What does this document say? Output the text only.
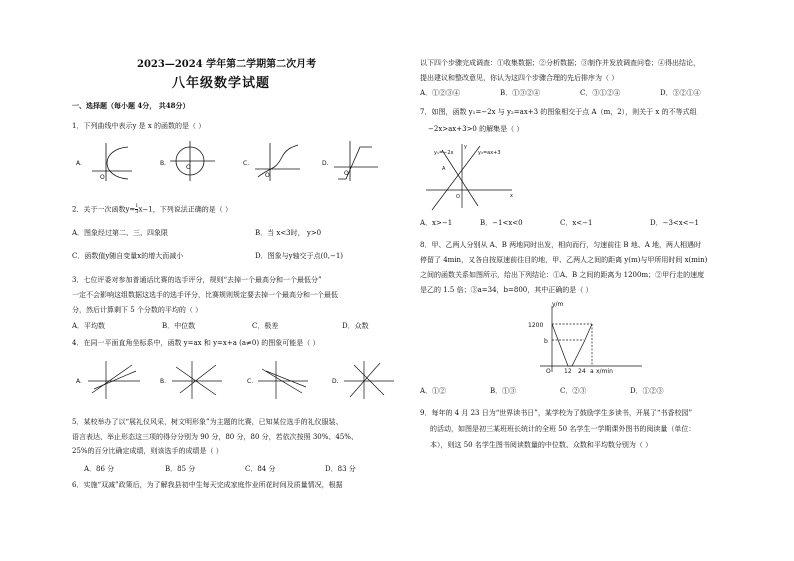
2023—2024 学年第二学期第二次月考
八年级数学试题
一、选择题（每小题 4分， 共48分）
1．下列曲线中表示y 是 x 的函数的是（ ）
A.	B.	C.	D.
O
O
O	O
2．关于一次函数$y= \frac{1}{3} x-1$，下列说法正确的是（ ）
A．图象经过第二、三、四象限	B．当 x<3时， y>0
C．函数值y随自变量x的增大而减小	D．图象与y轴交于点(0,−1)
3．七位评委对参加普通话比赛的选手评分，规则“去掉一个最高分和一个最低分”
一定不会影响这组数据这选手的选手评分，比赛规则规定要去掉一个最高分和一个最低
分，然后计算剩下 5 个分数的平均的（ ）
A．平均数	B．中位数	C．极差	D．众数
4．在同一平面直角坐标系中，函数 y=ax 和 y=x+a (a≠0) 的图象可能是（ ）
A.	B.	C.	D.
5．某校举办了以“展礼仪风采，树文明形象”为主题的比赛，已知某位选手的礼仪服装、
语言表达、举止形态这三项的得分分别为 90 分，80 分，80 分，若依次按照 30%、45%、
25%的百分比确定成绩，则该选手的成绩是（ ）
A．86 分	B．85 分	C．84 分	D．83 分
6．实施“双减”政策后，为了解我县初中生每天完成家庭作业所花时间及质量情况，根据
以下四个步骤完成调查：①收集数据；②分析数据；③制作并发放调查问卷；④得出结论，
提出建议和整改意见，你认为这四个步骤合理的先后排序为（ ）
A．①②③④	B．①③②④	C．③①②④	D．③②①④
7．如图，函数 y₁=−2x 与 y₂=ax+3 的图象相交于点 A（m，2），则关于 x 的不等式组
−2x>ax+3>0 的解集是（ ）
y₁=−2x	y₂=ax+3
A
O	x
y
A．x>−1	B．−1<x<0	C．x<−1	D．−3<x<−1
8．甲、乙两人分别从 A、B 两地同时出发，相向而行，匀速前往 B 地、A 地，两人相遇时
停留了 4min，又各自按原速前往目的地，甲、乙两人之间的距离 y(m)与甲所用时间 x(min)
之间的函数关系如图所示，给出下列结论：①A、B 之间的距离为 1200m；②甲行走的速度
是乙的 1.5 倍；③a=34，b=800，其中正确的是（ ）
y/m
1200
b
O 12 24 a x/min
A．①②	B．①③	C．②③	D．①②③
9．每年的 4 月 23 日为“世界读书日”，某学校为了鼓励学生多读书，开展了“书香校园”
的活动，如图是初三某班班长统计的全班 50 名学生一学期课外图书的阅读量（单位：
本），则这 50 名学生图书阅读数量的中位数、众数和平均数分别为（ ）
